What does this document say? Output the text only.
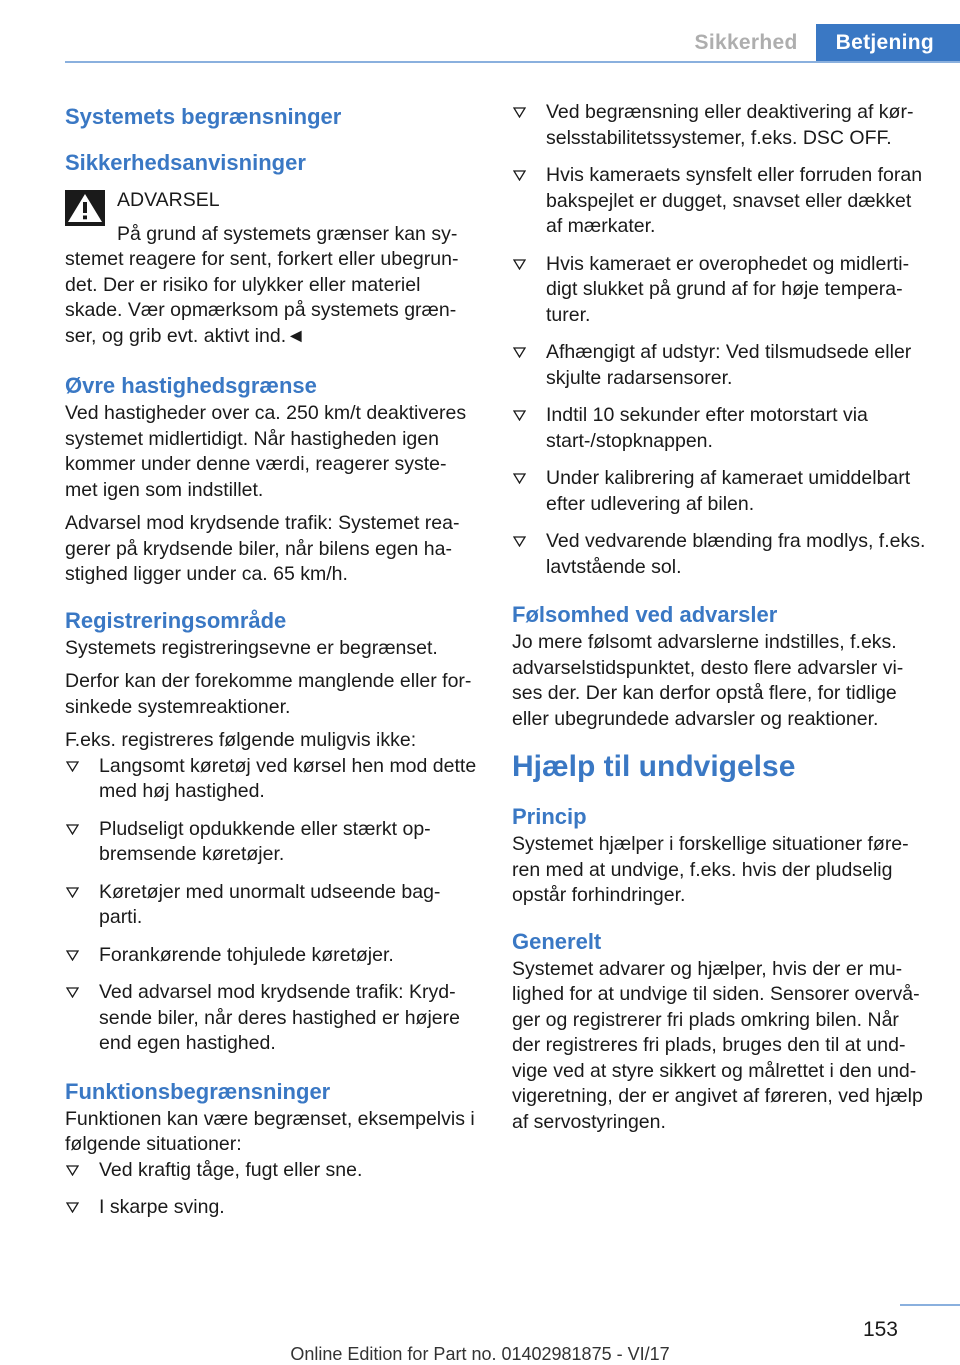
Sikkerhed	Betjening
Systemets begrænsninger
Sikkerhedsanvisninger

ADVARSEL

På grund af systemets grænser kan sy-

stemet reagere for sent, forkert eller ubegrun-det. Der er risiko for ulykker eller materiel skade. Vær opmærksom på systemets græn-ser, og grib evt. aktivt ind.◄

Øvre hastighedsgrænse

Ved hastigheder over ca. 250 km/t deaktiveres systemet midlertidigt. Når hastigheden igen kommer under denne værdi, reagerer syste-met igen som indstillet.

Advarsel mod krydsende trafik: Systemet rea-gerer på krydsende biler, når bilens egen ha-stighed ligger under ca. 65 km/h.

Registreringsområde

Systemets registreringsevne er begrænset.

Derfor kan der forekomme manglende eller for-sinkede systemreaktioner.

F.eks. registreres følgende muligvis ikke:

Langsomt køretøj ved kørsel hen mod dette med høj hastighed.
Pludseligt opdukkende eller stærkt op-bremsende køretøjer.
Køretøjer med unormalt udseende bag-parti.
Forankørende tohjulede køretøjer.
Ved advarsel mod krydsende trafik: Kryd-sende biler, når deres hastighed er højere end egen hastighed.
Funktionsbegrænsninger

Funktionen kan være begrænset, eksempelvis i følgende situationer:

Ved kraftig tåge, fugt eller sne.
I skarpe sving.
Ved begrænsning eller deaktivering af kør-selsstabilitetssystemer, f.eks. DSC OFF.
Hvis kameraets synsfelt eller forruden foran bakspejlet er dugget, snavset eller dækket af mærkater.
Hvis kameraet er overophedet og midlerti-digt slukket på grund af for høje tempera-turer.
Afhængigt af udstyr: Ved tilsmudsede eller skjulte radarsensorer.
Indtil 10 sekunder efter motorstart via start-/stopknappen.
Under kalibrering af kameraet umiddelbart efter udlevering af bilen.
Ved vedvarende blænding fra modlys, f.eks. lavtstående sol.
Følsomhed ved advarsler

Jo mere følsomt advarslerne indstilles, f.eks. advarselstidspunktet, desto flere advarsler vi-ses der. Der kan derfor opstå flere, for tidlige eller ubegrundede advarsler og reaktioner.

Hjælp til undvigelse
Princip

Systemet hjælper i forskellige situationer føre-ren med at undvige, f.eks. hvis der pludselig opstår forhindringer.

Generelt

Systemet advarer og hjælper, hvis der er mu-lighed for at undvige til siden. Sensorer overvå-ger og registrerer fri plads omkring bilen. Når der registreres fri plads, bruges den til at und-vige ved at styre sikkert og målrettet i den und-vigeretning, der er angivet af føreren, ved hjælp af servostyringen.

153
Online Edition for Part no. 01402981875 - VI/17
